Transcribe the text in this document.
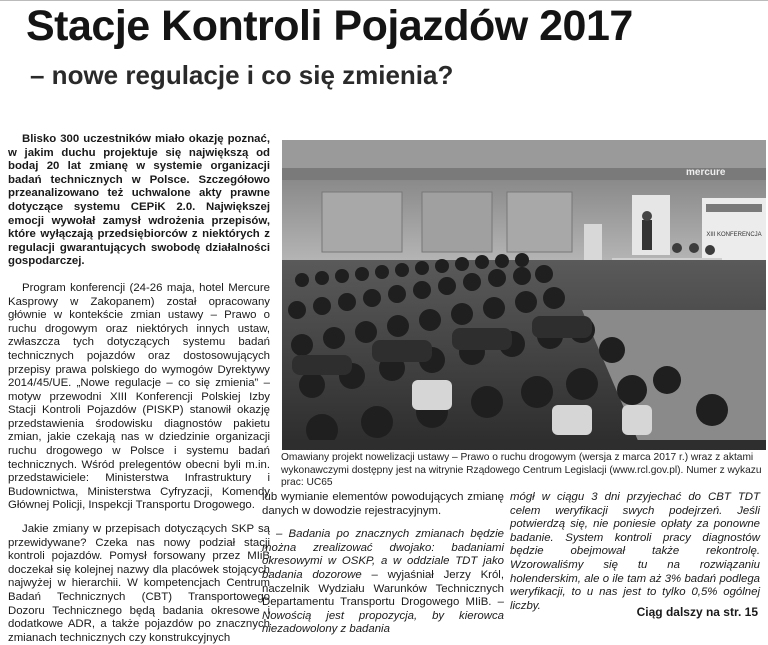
Stacje Kontroli Pojazdów 2017
– nowe regulacje i co się zmienia?

Blisko 300 uczestników miało okazję poznać, w jakim duchu projektuje się największą od bodaj 20 lat zmianę w systemie organizacji badań technicznych w Polsce. Szczegółowo przeanalizowano też uchwalone akty prawne dotyczące systemu CEPiK 2.0. Największej emocji wywołał zamysł wdrożenia przepisów, które wyłączają przedsiębiorców z niektórych z regulacji gwarantujących swobodę działalności gospodarczej.

Program konferencji (24-26 maja, hotel Mercure Kasprowy w Zakopanem) został opracowany głównie w kontekście zmian ustawy – Prawo o ruchu drogowym oraz niektórych innych ustaw, zwłaszcza tych dotyczących systemu badań technicznych pojazdów oraz dostosowujących przepisy prawa polskiego do wymogów Dyrektywy 2014/45/UE. „Nowe regulacje – co się zmienia” – motyw przewodni XIII Konferencji Polskiej Izby Stacji Kontroli Pojazdów (PISKP) stanowił okazję przedstawienia środowisku diagnostów pakietu zmian, jakie czekają nas w dziedzinie organizacji ruchu drogowego w Polsce i systemu badań technicznych. Wśród prelegentów obecni byli m.in. przedstawiciele: Ministerstwa Infrastruktury i Budownictwa, Ministerstwa Cyfryzacji, Komendy Głównej Policji, Inspekcji Transportu Drogowego.

Jakie zmiany w przepisach dotyczących SKP są przewidywane? Czeka nas nowy podział stacji kontroli pojazdów. Pomysł forsowany przez MIiB doczekał się kolejnej nazwy dla placówek stojących najwyżej w hierarchii. W kompetencjach Centrum Badań Technicznych (CBT) Transportowego Dozoru Technicznego będą badania okresowe i dodatkowe ADR, a także pojazdów po znacznych zmianach technicznych czy konstrukcyjnych

XIII KONFERENCJA
mercure
Omawiany projekt nowelizacji ustawy – Prawo o ruchu drogowym (wersja z marca 2017 r.) wraz z aktami wykonawczymi dostępny jest na witrynie Rządowego Centrum Legislacji (www.rcl.gov.pl). Numer z wykazu prac: UC65

lub wymianie elementów powodujących zmianę danych w dowodzie rejestracyjnym.

– Badania po znacznych zmianach będzie można zrealizować dwojako: badaniami okresowymi w OSKP, a w oddziale TDT jako badania dozorowe – wyjaśniał Jerzy Król, naczelnik Wydziału Warunków Technicznych Departamentu Transportu Drogowego MIiB. – Nowością jest propozycja, by kierowca niezadowolony z badania

mógł w ciągu 3 dni przyjechać do CBT TDT celem weryfikacji swych podejrzeń. Jeśli potwierdzą się, nie poniesie opłaty za ponowne badanie. System kontroli pracy diagnostów będzie obejmował także rekontrolę. Wzorowaliśmy się tu na rozwiązaniu holenderskim, ale o ile tam aż 3% badań podlega weryfikacji, to u nas jest to tylko 0,5% ogólnej liczby.	Ciąg dalszy na str. 15
